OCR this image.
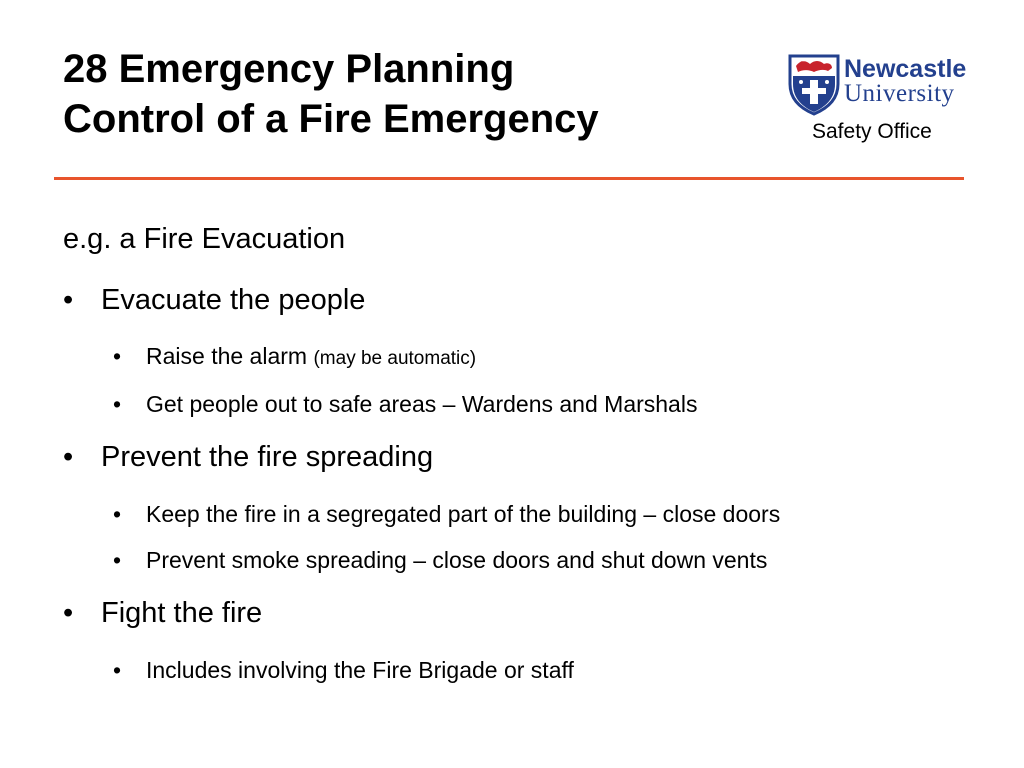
28 Emergency Planning
Control of a Fire Emergency
Newcastle
University
Safety Office
e.g. a Fire Evacuation
• Evacuate the people
•	Raise the alarm (may be automatic)
•	Get people out to safe areas – Wardens and Marshals
• Prevent the fire spreading
•	Keep the fire in a segregated part of the building – close doors
•	Prevent smoke spreading – close doors and shut down vents
• Fight the fire
•	Includes involving the Fire Brigade or staff
